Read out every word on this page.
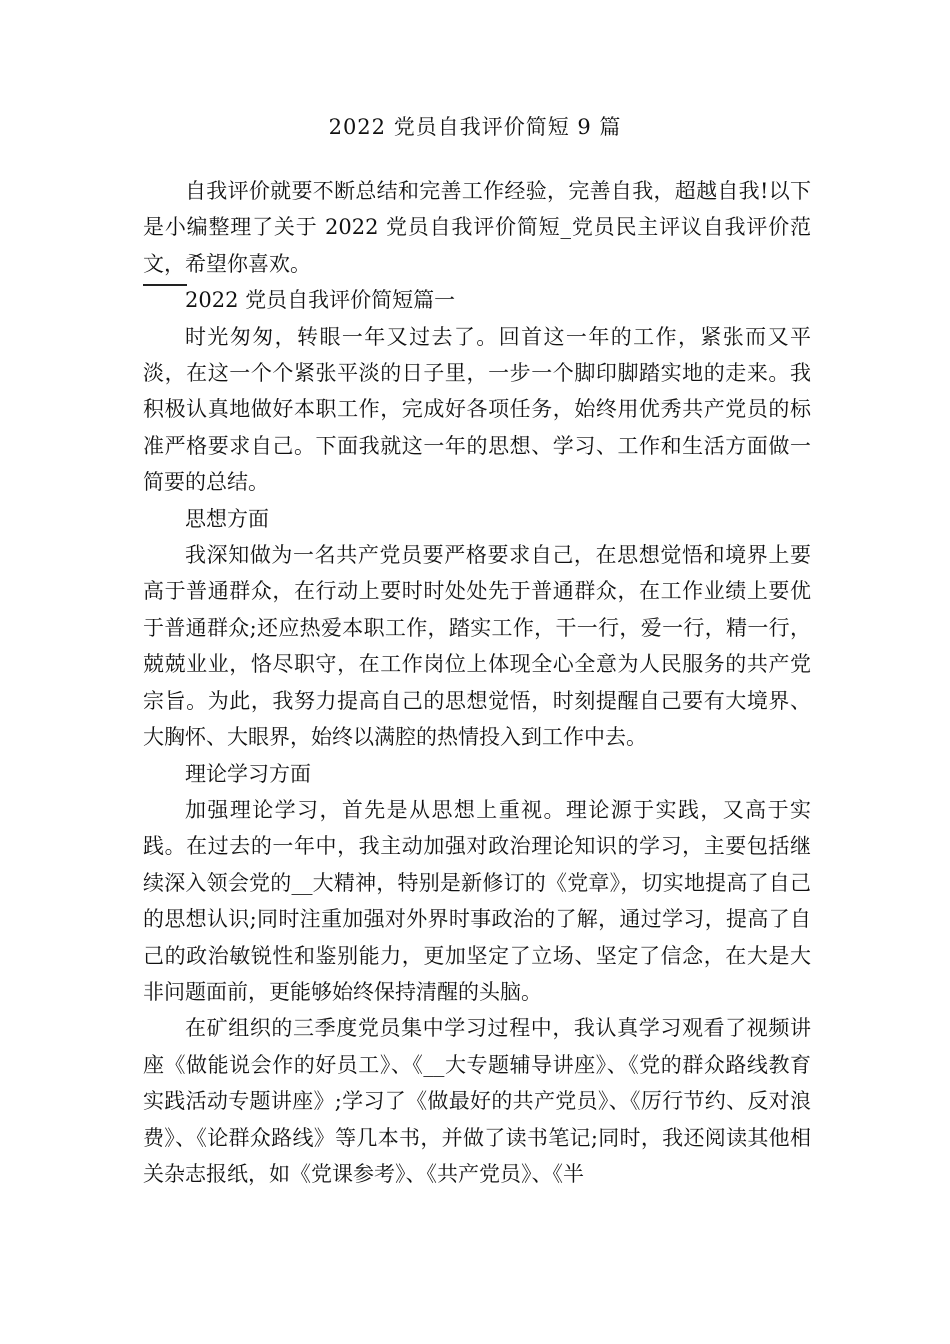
2022 党员自我评价简短 9 篇

自我评价就要不断总结和完善工作经验，完善自我，超越自我!以下是小编整理了关于 2022 党员自我评价简短_党员民主评议自我评价范文，希望你喜欢。

2022 党员自我评价简短篇一

时光匆匆，转眼一年又过去了。回首这一年的工作，紧张而又平淡，在这一个个紧张平淡的日子里，一步一个脚印脚踏实地的走来。我积极认真地做好本职工作，完成好各项任务，始终用优秀共产党员的标准严格要求自己。下面我就这一年的思想、学习、工作和生活方面做一简要的总结。

思想方面

我深知做为一名共产党员要严格要求自己，在思想觉悟和境界上要高于普通群众，在行动上要时时处处先于普通群众，在工作业绩上要优于普通群众;还应热爱本职工作，踏实工作，干一行，爱一行，精一行，兢兢业业，恪尽职守，在工作岗位上体现全心全意为人民服务的共产党宗旨。为此，我努力提高自己的思想觉悟，时刻提醒自己要有大境界、大胸怀、大眼界，始终以满腔的热情投入到工作中去。

理论学习方面

加强理论学习，首先是从思想上重视。理论源于实践，又高于实践。在过去的一年中，我主动加强对政治理论知识的学习，主要包括继续深入领会党的__大精神，特别是新修订的《党章》，切实地提高了自己的思想认识;同时注重加强对外界时事政治的了解，通过学习，提高了自己的政治敏锐性和鉴别能力，更加坚定了立场、坚定了信念，在大是大非问题面前，更能够始终保持清醒的头脑。

在矿组织的三季度党员集中学习过程中，我认真学习观看了视频讲座《做能说会作的好员工》、《__大专题辅导讲座》、《党的群众路线教育实践活动专题讲座》;学习了《做最好的共产党员》、《厉行节约、反对浪费》、《论群众路线》等几本书，并做了读书笔记;同时，我还阅读其他相关杂志报纸，如《党课参考》、《共产党员》、《半
